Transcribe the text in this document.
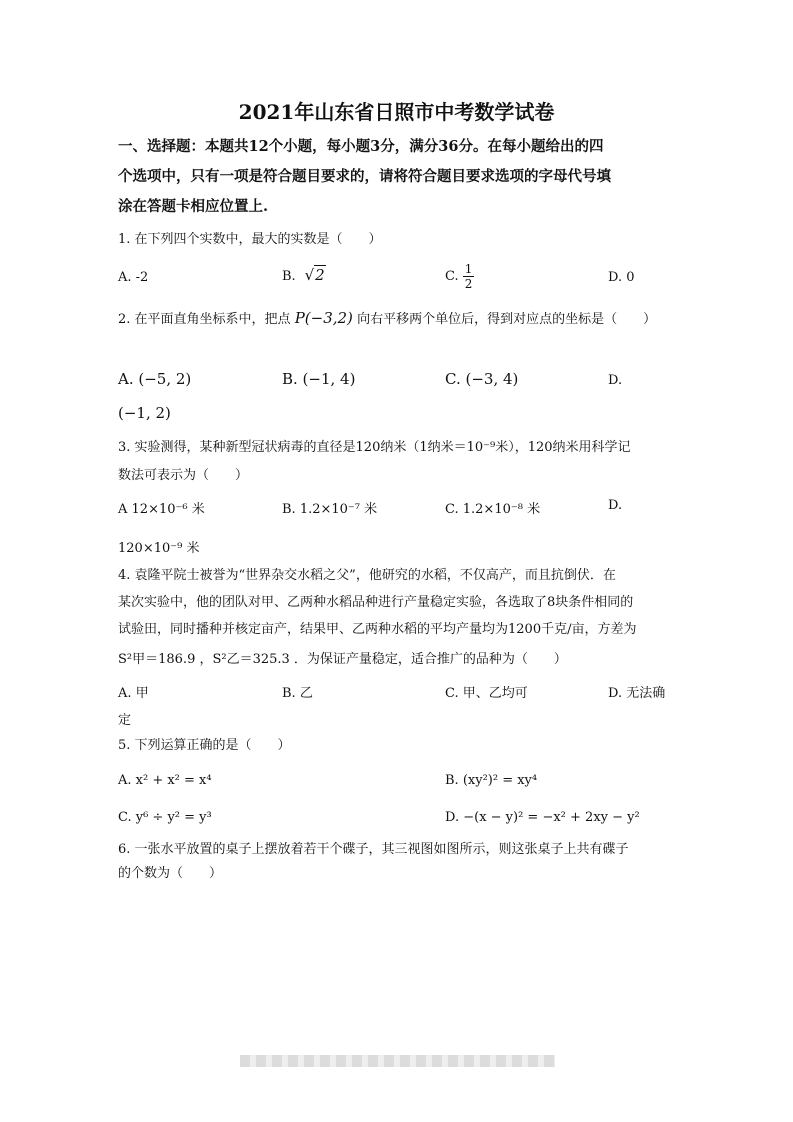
2021年山东省日照市中考数学试卷
一、选择题：本题共12个小题，每小题3分，满分36分。在每小题给出的四
个选项中，只有一项是符合题目要求的，请将符合题目要求选项的字母代号填
涂在答题卡相应位置上.
1. 在下列四个实数中，最大的实数是（　　）
A. -2	B.  √2	C. $\frac{1}{2}$	D. 0
2. 在平面直角坐标系中，把点 P(−3,2) 向右平移两个单位后，得到对应点的坐标是（　　）
A. (−5, 2)	B. (−1, 4)	C. (−3, 4)	D.
(−1, 2)
3. 实验测得，某种新型冠状病毒的直径是120纳米（1纳米＝10⁻⁹米），120纳米用科学记
数法可表示为（　　）
A 12×10⁻⁶ 米	B. 1.2×10⁻⁷ 米	C. 1.2×10⁻⁸ 米	D.
120×10⁻⁹ 米
4. 袁隆平院士被誉为“世界杂交水稻之父”，他研究的水稻，不仅高产，而且抗倒伏．在
某次实验中，他的团队对甲、乙两种水稻品种进行产量稳定实验，各选取了8块条件相同的
试验田，同时播种并核定亩产，结果甲、乙两种水稻的平均产量均为1200千克/亩，方差为
S²甲＝186.9 ，S²乙＝325.3 ．为保证产量稳定，适合推广的品种为（　　）
A. 甲	B. 乙	C. 甲、乙均可	D. 无法确
定
5. 下列运算正确的是（　　）
A. x² + x² = x⁴	B. (xy²)² = xy⁴
C. y⁶ ÷ y² = y³	D. −(x − y)² = −x² + 2xy − y²
6. 一张水平放置的桌子上摆放着若干个碟子，其三视图如图所示，则这张桌子上共有碟子
的个数为（　　）
